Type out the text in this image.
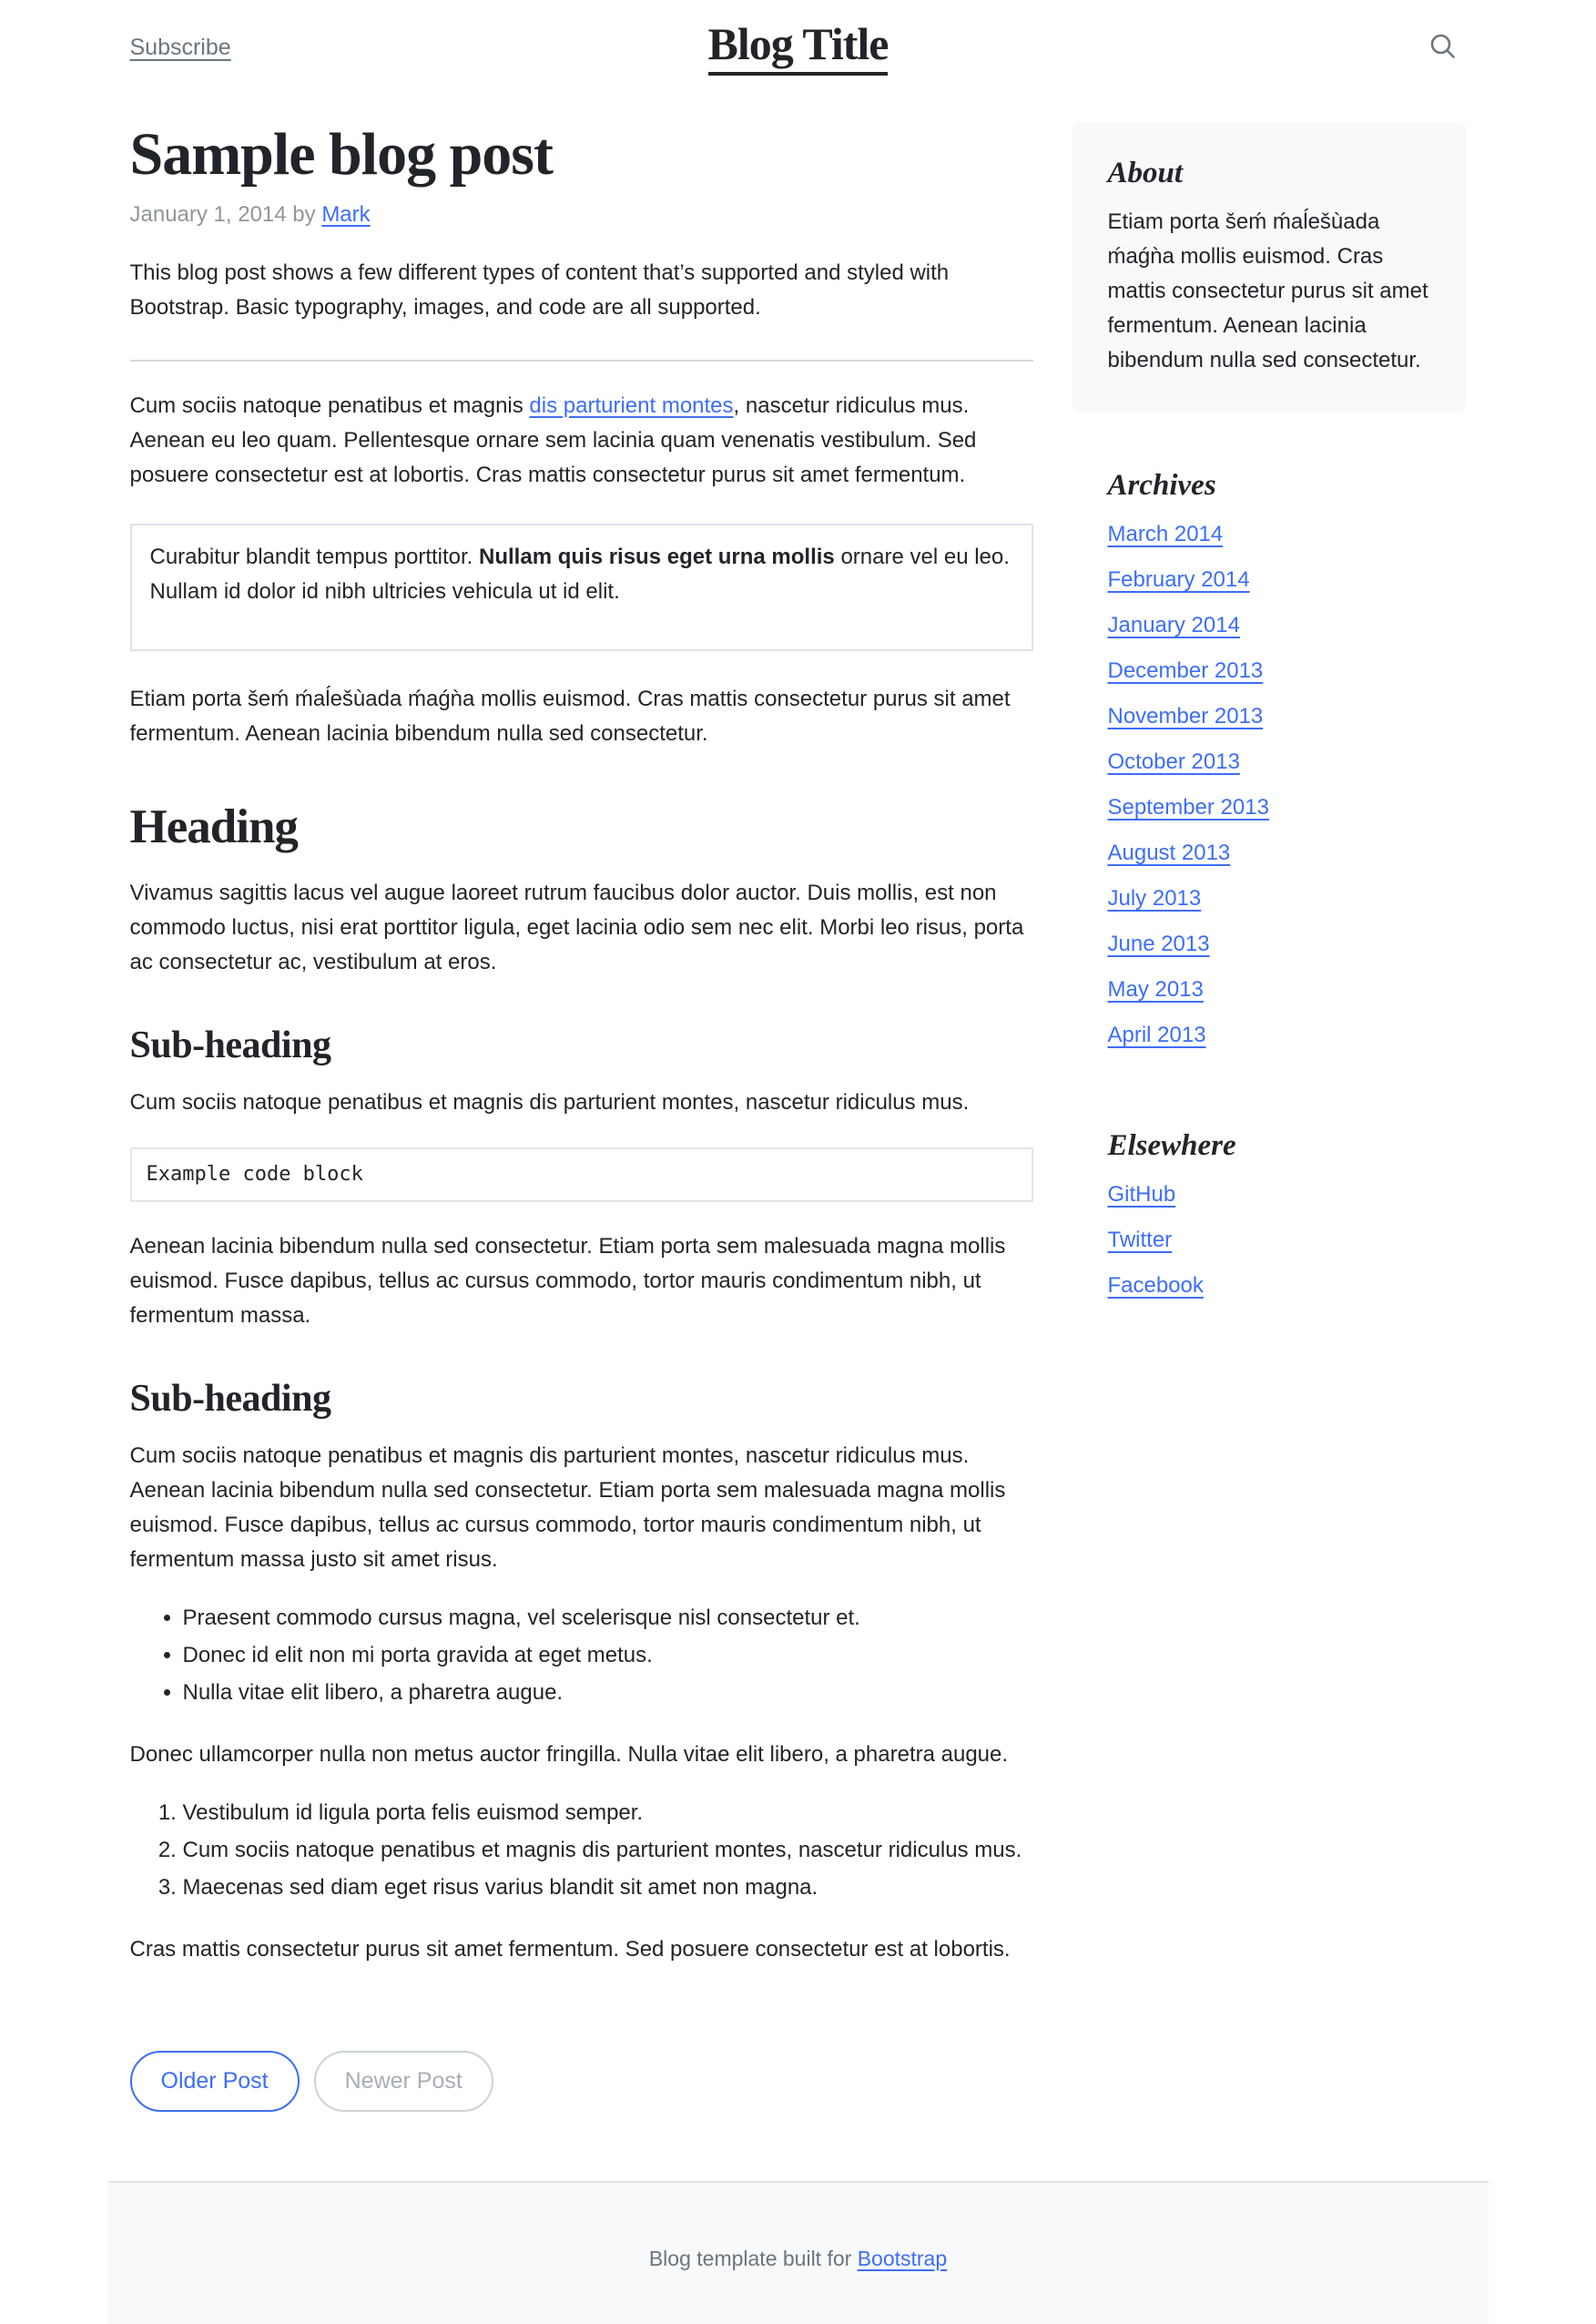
Subscribe	Blog Title
Sample blog post

January 1, 2014 by Mark

This blog post shows a few different types of content that’s supported and styled with Bootstrap. Basic typography, images, and code are all supported.

Cum sociis natoque penatibus et magnis dis parturient montes, nascetur ridiculus mus. Aenean eu leo quam. Pellentesque ornare sem lacinia quam venenatis vestibulum. Sed posuere consectetur est at lobortis. Cras mattis consectetur purus sit amet fermentum.

Curabitur blandit tempus porttitor. Nullam quis risus eget urna mollis ornare vel eu leo. Nullam id dolor id nibh ultricies vehicula ut id elit.

Etiam porta šeḿ ḿaĺešùada ḿaǵǹa mollis euismod. Cras mattis consectetur purus sit amet fermentum. Aenean lacinia bibendum nulla sed consectetur.

Heading

Vivamus sagittis lacus vel augue laoreet rutrum faucibus dolor auctor. Duis mollis, est non commodo luctus, nisi erat porttitor ligula, eget lacinia odio sem nec elit. Morbi leo risus, porta ac consectetur ac, vestibulum at eros.

Sub-heading

Cum sociis natoque penatibus et magnis dis parturient montes, nascetur ridiculus mus.

Example code block

Aenean lacinia bibendum nulla sed consectetur. Etiam porta sem malesuada magna mollis euismod. Fusce dapibus, tellus ac cursus commodo, tortor mauris condimentum nibh, ut fermentum massa.

Sub-heading

Cum sociis natoque penatibus et magnis dis parturient montes, nascetur ridiculus mus. Aenean lacinia bibendum nulla sed consectetur. Etiam porta sem malesuada magna mollis euismod. Fusce dapibus, tellus ac cursus commodo, tortor mauris condimentum nibh, ut fermentum massa justo sit amet risus.

• Praesent commodo cursus magna, vel scelerisque nisl consectetur et.
• Donec id elit non mi porta gravida at eget metus.
• Nulla vitae elit libero, a pharetra augue.

Donec ullamcorper nulla non metus auctor fringilla. Nulla vitae elit libero, a pharetra augue.

1. Vestibulum id ligula porta felis euismod semper.
2. Cum sociis natoque penatibus et magnis dis parturient montes, nascetur ridiculus mus.
3. Maecenas sed diam eget risus varius blandit sit amet non magna.

Cras mattis consectetur purus sit amet fermentum. Sed posuere consectetur est at lobortis.

Older Post	Newer Post
About

Etiam porta šeḿ ḿaĺešùada ḿaǵǹa mollis euismod. Cras mattis consectetur purus sit amet fermentum. Aenean lacinia bibendum nulla sed consectetur.

Archives
March 2014
February 2014
January 2014
December 2013
November 2013
October 2013
September 2013
August 2013
July 2013
June 2013
May 2013
April 2013
Elsewhere
GitHub
Twitter
Facebook

Blog template built for Bootstrap
